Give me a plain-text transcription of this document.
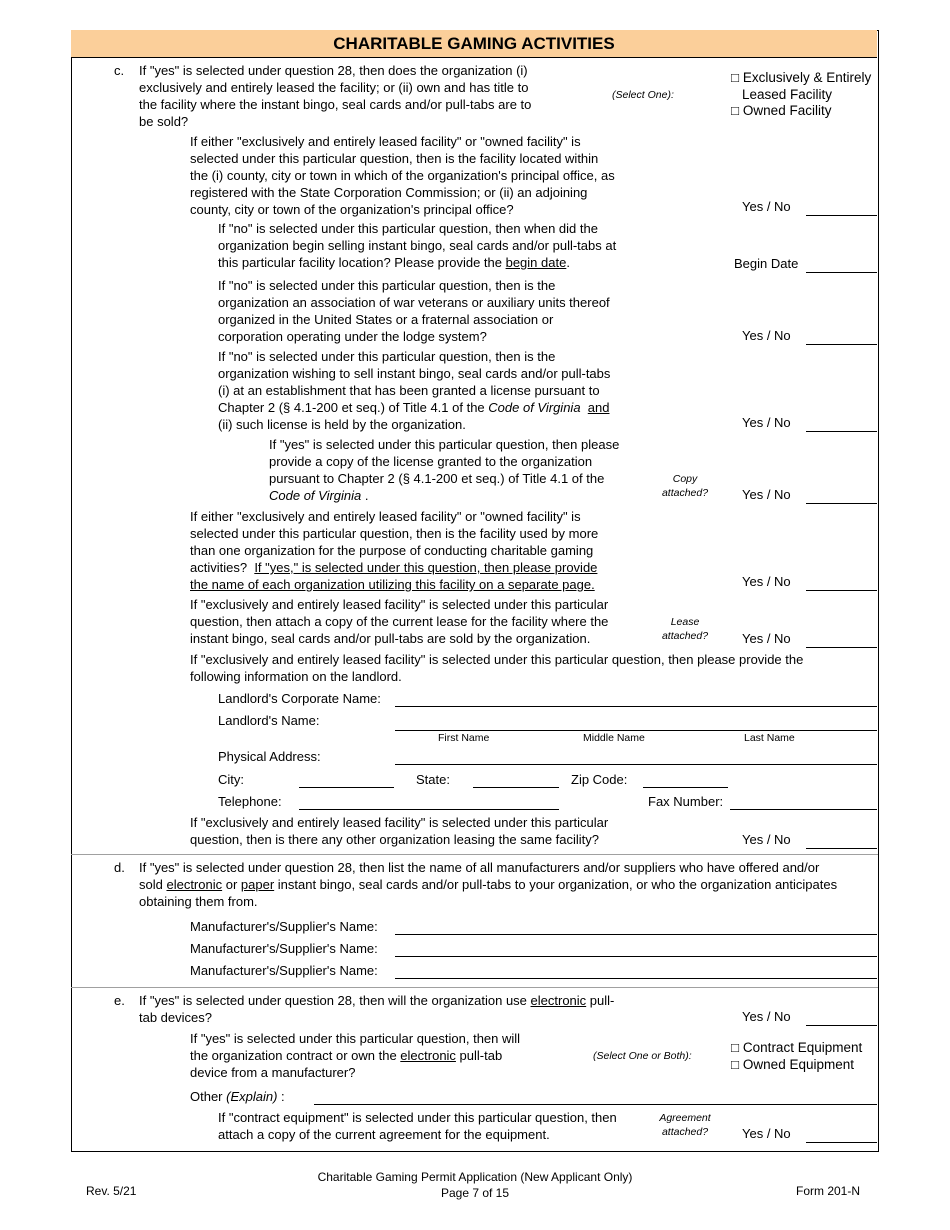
CHARITABLE GAMING ACTIVITIES
c. If "yes" is selected under question 28, then does the organization (i)
exclusively and entirely leased the facility; or (ii) own and has title to
the facility where the instant bingo, seal cards and/or pull-tabs are to
be sold?
(Select One):
□ Exclusively & Entirely
Leased Facility
□ Owned Facility
If either "exclusively and entirely leased facility" or "owned facility" is
selected under this particular question, then is the facility located within
the (i) county, city or town in which of the organization's principal office, as
registered with the State Corporation Commission; or (ii) an adjoining
county, city or town of the organization's principal office?	Yes / No
If "no" is selected under this particular question, then when did the
organization begin selling instant bingo, seal cards and/or pull-tabs at
this particular facility location? Please provide the begin date.	Begin Date
If "no" is selected under this particular question, then is the
organization an association of war veterans or auxiliary units thereof
organized in the United States or a fraternal association or
corporation operating under the lodge system?	Yes / No
If "no" is selected under this particular question, then is the
organization wishing to sell instant bingo, seal cards and/or pull-tabs
(i) at an establishment that has been granted a license pursuant to
Chapter 2 (§ 4.1-200 et seq.) of Title 4.1 of the Code of Virginia and
(ii) such license is held by the organization.	Yes / No
If "yes" is selected under this particular question, then please
provide a copy of the license granted to the organization
pursuant to Chapter 2 (§ 4.1-200 et seq.) of Title 4.1 of the
Code of Virginia .
Copy
attached?	Yes / No
If either "exclusively and entirely leased facility" or "owned facility" is
selected under this particular question, then is the facility used by more
than one organization for the purpose of conducting charitable gaming
activities?  If "yes," is selected under this question, then please provide
the name of each organization utilizing this facility on a separate page.	Yes / No
If "exclusively and entirely leased facility" is selected under this particular
question, then attach a copy of the current lease for the facility where the
instant bingo, seal cards and/or pull-tabs are sold by the organization.
Lease
attached?	Yes / No
If "exclusively and entirely leased facility" is selected under this particular question, then please provide the
following information on the landlord.
Landlord's Corporate Name:
Landlord's Name:
First Name	Middle Name	Last Name
Physical Address:
City:	State:	Zip Code:
Telephone:	Fax Number:
If "exclusively and entirely leased facility" is selected under this particular
question, then is there any other organization leasing the same facility?	Yes / No
d. If "yes" is selected under question 28, then list the name of all manufacturers and/or suppliers who have offered and/or
sold electronic or paper instant bingo, seal cards and/or pull-tabs to your organization, or who the organization anticipates
obtaining them from.
Manufacturer's/Supplier's Name:
Manufacturer's/Supplier's Name:
Manufacturer's/Supplier's Name:
e. If "yes" is selected under question 28, then will the organization use electronic pull-
tab devices?	Yes / No
If "yes" is selected under this particular question, then will
the organization contract or own the electronic pull-tab
device from a manufacturer?
(Select One or Both):
□ Contract Equipment
□ Owned Equipment
Other (Explain) :
If "contract equipment" is selected under this particular question, then
attach a copy of the current agreement for the equipment.
Agreement
attached?	Yes / No
Rev. 5/21
Charitable Gaming Permit Application (New Applicant Only)
Page 7 of 15	Form 201-N
